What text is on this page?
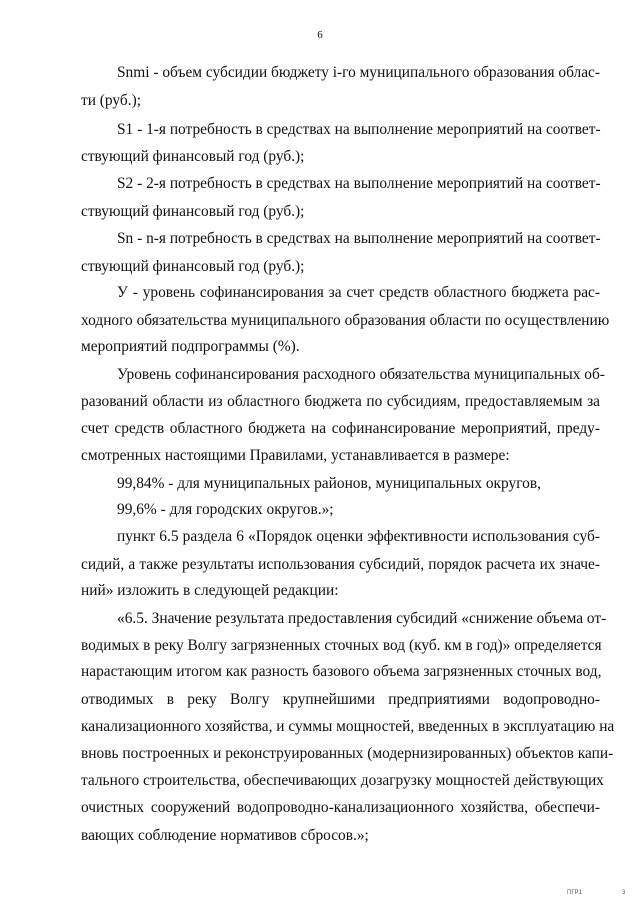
6
Snmi - объем субсидии бюджету i-го муниципального образования облас-
ти (руб.);
S1 - 1-я потребность в средствах на выполнение мероприятий на соответ-
ствующий финансовый год (руб.);
S2 - 2-я потребность в средствах на выполнение мероприятий на соответ-
ствующий финансовый год (руб.);
Sn - n-я потребность в средствах на выполнение мероприятий на соответ-
ствующий финансовый год (руб.);
У - уровень софинансирования за счет средств областного бюджета рас-
ходного обязательства муниципального образования области по осуществлению
мероприятий подпрограммы (%).
Уровень софинансирования расходного обязательства муниципальных об-
разований области из областного бюджета по субсидиям, предоставляемым за
счет средств областного бюджета на софинансирование мероприятий, преду-
смотренных настоящими Правилами, устанавливается в размере:
99,84% - для муниципальных районов, муниципальных округов,
99,6% - для городских округов.»;
пункт 6.5 раздела 6 «Порядок оценки эффективности использования суб-
сидий, а также результаты использования субсидий, порядок расчета их значе-
ний» изложить в следующей редакции:
«6.5. Значение результата предоставления субсидий «снижение объема от-
водимых в реку Волгу загрязненных сточных вод (куб. км в год)» определяется
нарастающим итогом как разность базового объема загрязненных сточных вод,
отводимых в реку Волгу крупнейшими предприятиями водопроводно-
канализационного хозяйства, и суммы мощностей, введенных в эксплуатацию на
вновь построенных и реконструированных (модернизированных) объектов капи-
тального строительства, обеспечивающих дозагрузку мощностей действующих
очистных сооружений водопроводно-канализационного хозяйства, обеспечи-
вающих соблюдение нормативов сбросов.»;
ПГР1	3
